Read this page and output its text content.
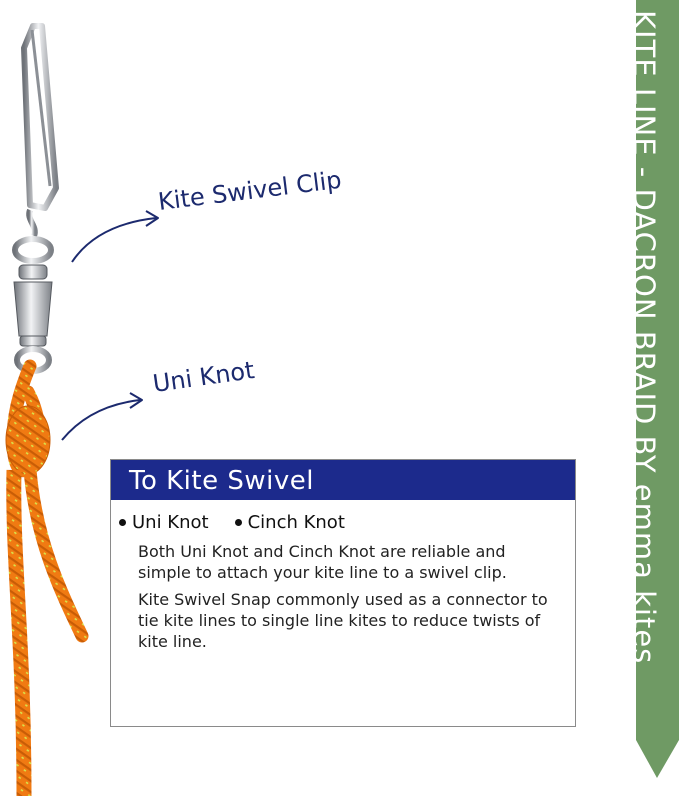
KITE LINE - DACRON BRAID BY emma kites
Kite Swivel Clip
Uni Knot
To Kite Swivel
Uni Knot Cinch Knot
Both Uni Knot and Cinch Knot are reliable and simple to attach your kite line to a swivel clip.
Kite Swivel Snap commonly used as a connector to tie kite lines to single line kites to reduce twists of kite line.
